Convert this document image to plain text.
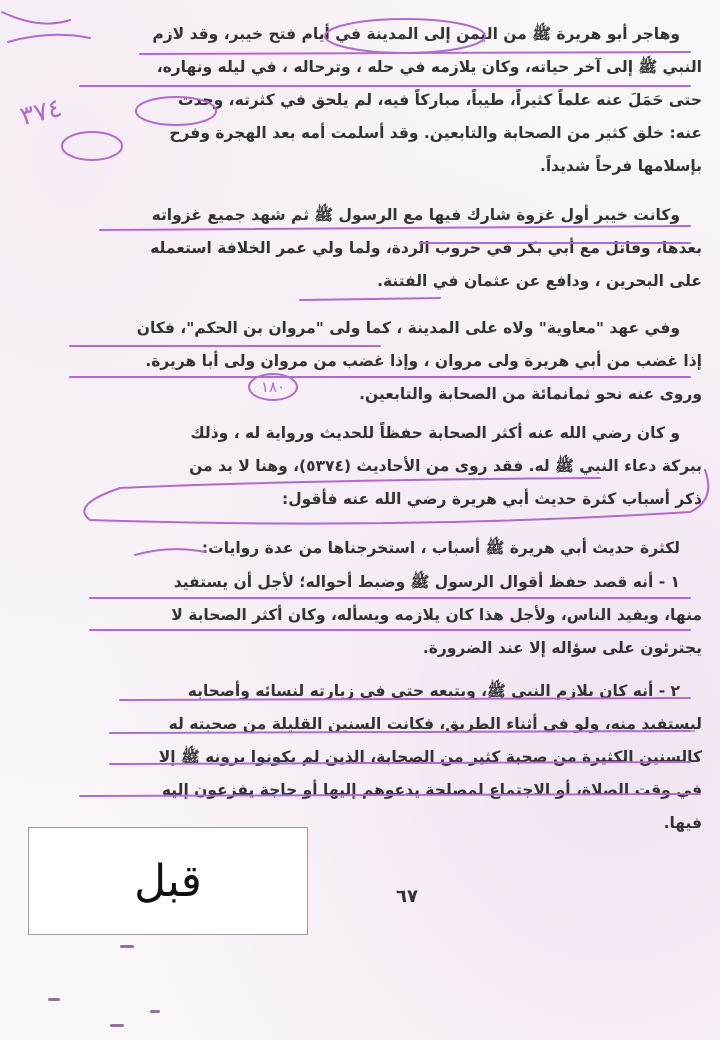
وهاجر أبو هريرة ﷺ من اليمن إلى المدينة في أيام فتح خيبر، وقد لازم
النبي ﷺ إلى آخر حياته، وكان يلازمه في حله ، وترحاله ، في ليله ونهاره،
حتى حَمَلَ عنه علماً كثيراً، طيباً، مباركاً فيه، لم يلحق في كثرته، وحدث
عنه: خلق كثير من الصحابة والتابعين. وقد أسلمت أمه بعد الهجرة وفرح
بإسلامها فرحاً شديداً.
وكانت خيبر أول غزوة شارك فيها مع الرسول ﷺ ثم شهد جميع غزواته
بعدها، وقاتل مع أبي بكر في حروب الردة، ولما ولي عمر الخلافة استعمله
على البحرين ، ودافع عن عثمان في الفتنة.
وفي عهد "معاوية" ولاه على المدينة ، كما ولى "مروان بن الحكم"، فكان
إذا غضب من أبي هريرة ولى مروان ، وإذا غضب من مروان ولى أبا هريرة.
وروى عنه نحو ثمانمائة من الصحابة والتابعين.
و كان رضي الله عنه أكثر الصحابة حفظاً للحديث ورواية له ، وذلك
ببركة دعاء النبي ﷺ له. فقد روى من الأحاديث (٥٣٧٤)، وهنا لا بد من
ذكر أسباب كثرة حديث أبي هريرة رضي الله عنه فأقول:
لكثرة حديث أبي هريرة ﷺ أسباب ، استخرجناها من عدة روايات:
١ - أنه قصد حفظ أقوال الرسول ﷺ وضبط أحواله؛ لأجل أن يستفيد
منها، ويفيد الناس، ولأجل هذا كان يلازمه ويسأله، وكان أكثر الصحابة لا
يجترئون على سؤاله إلا عند الضرورة.
٢ - أنه كان يلازم النبي ﷺ، ويتبعه حتى في زيارته لنسائه وأصحابه
ليستفيد منه، ولو في أثناء الطريق، فكانت السنين القليلة من صحبته له
كالسنين الكثيرة من صحبة كثير من الصحابة، الذين لم يكونوا يرونه ﷺ إلا
في وقت الصلاة، أو الاجتماع لمصلحة يدعوهم إليها أو حاجة يفزعون إليه
فيها.
٣٧٤
١٨٠
٦٧
قبل
